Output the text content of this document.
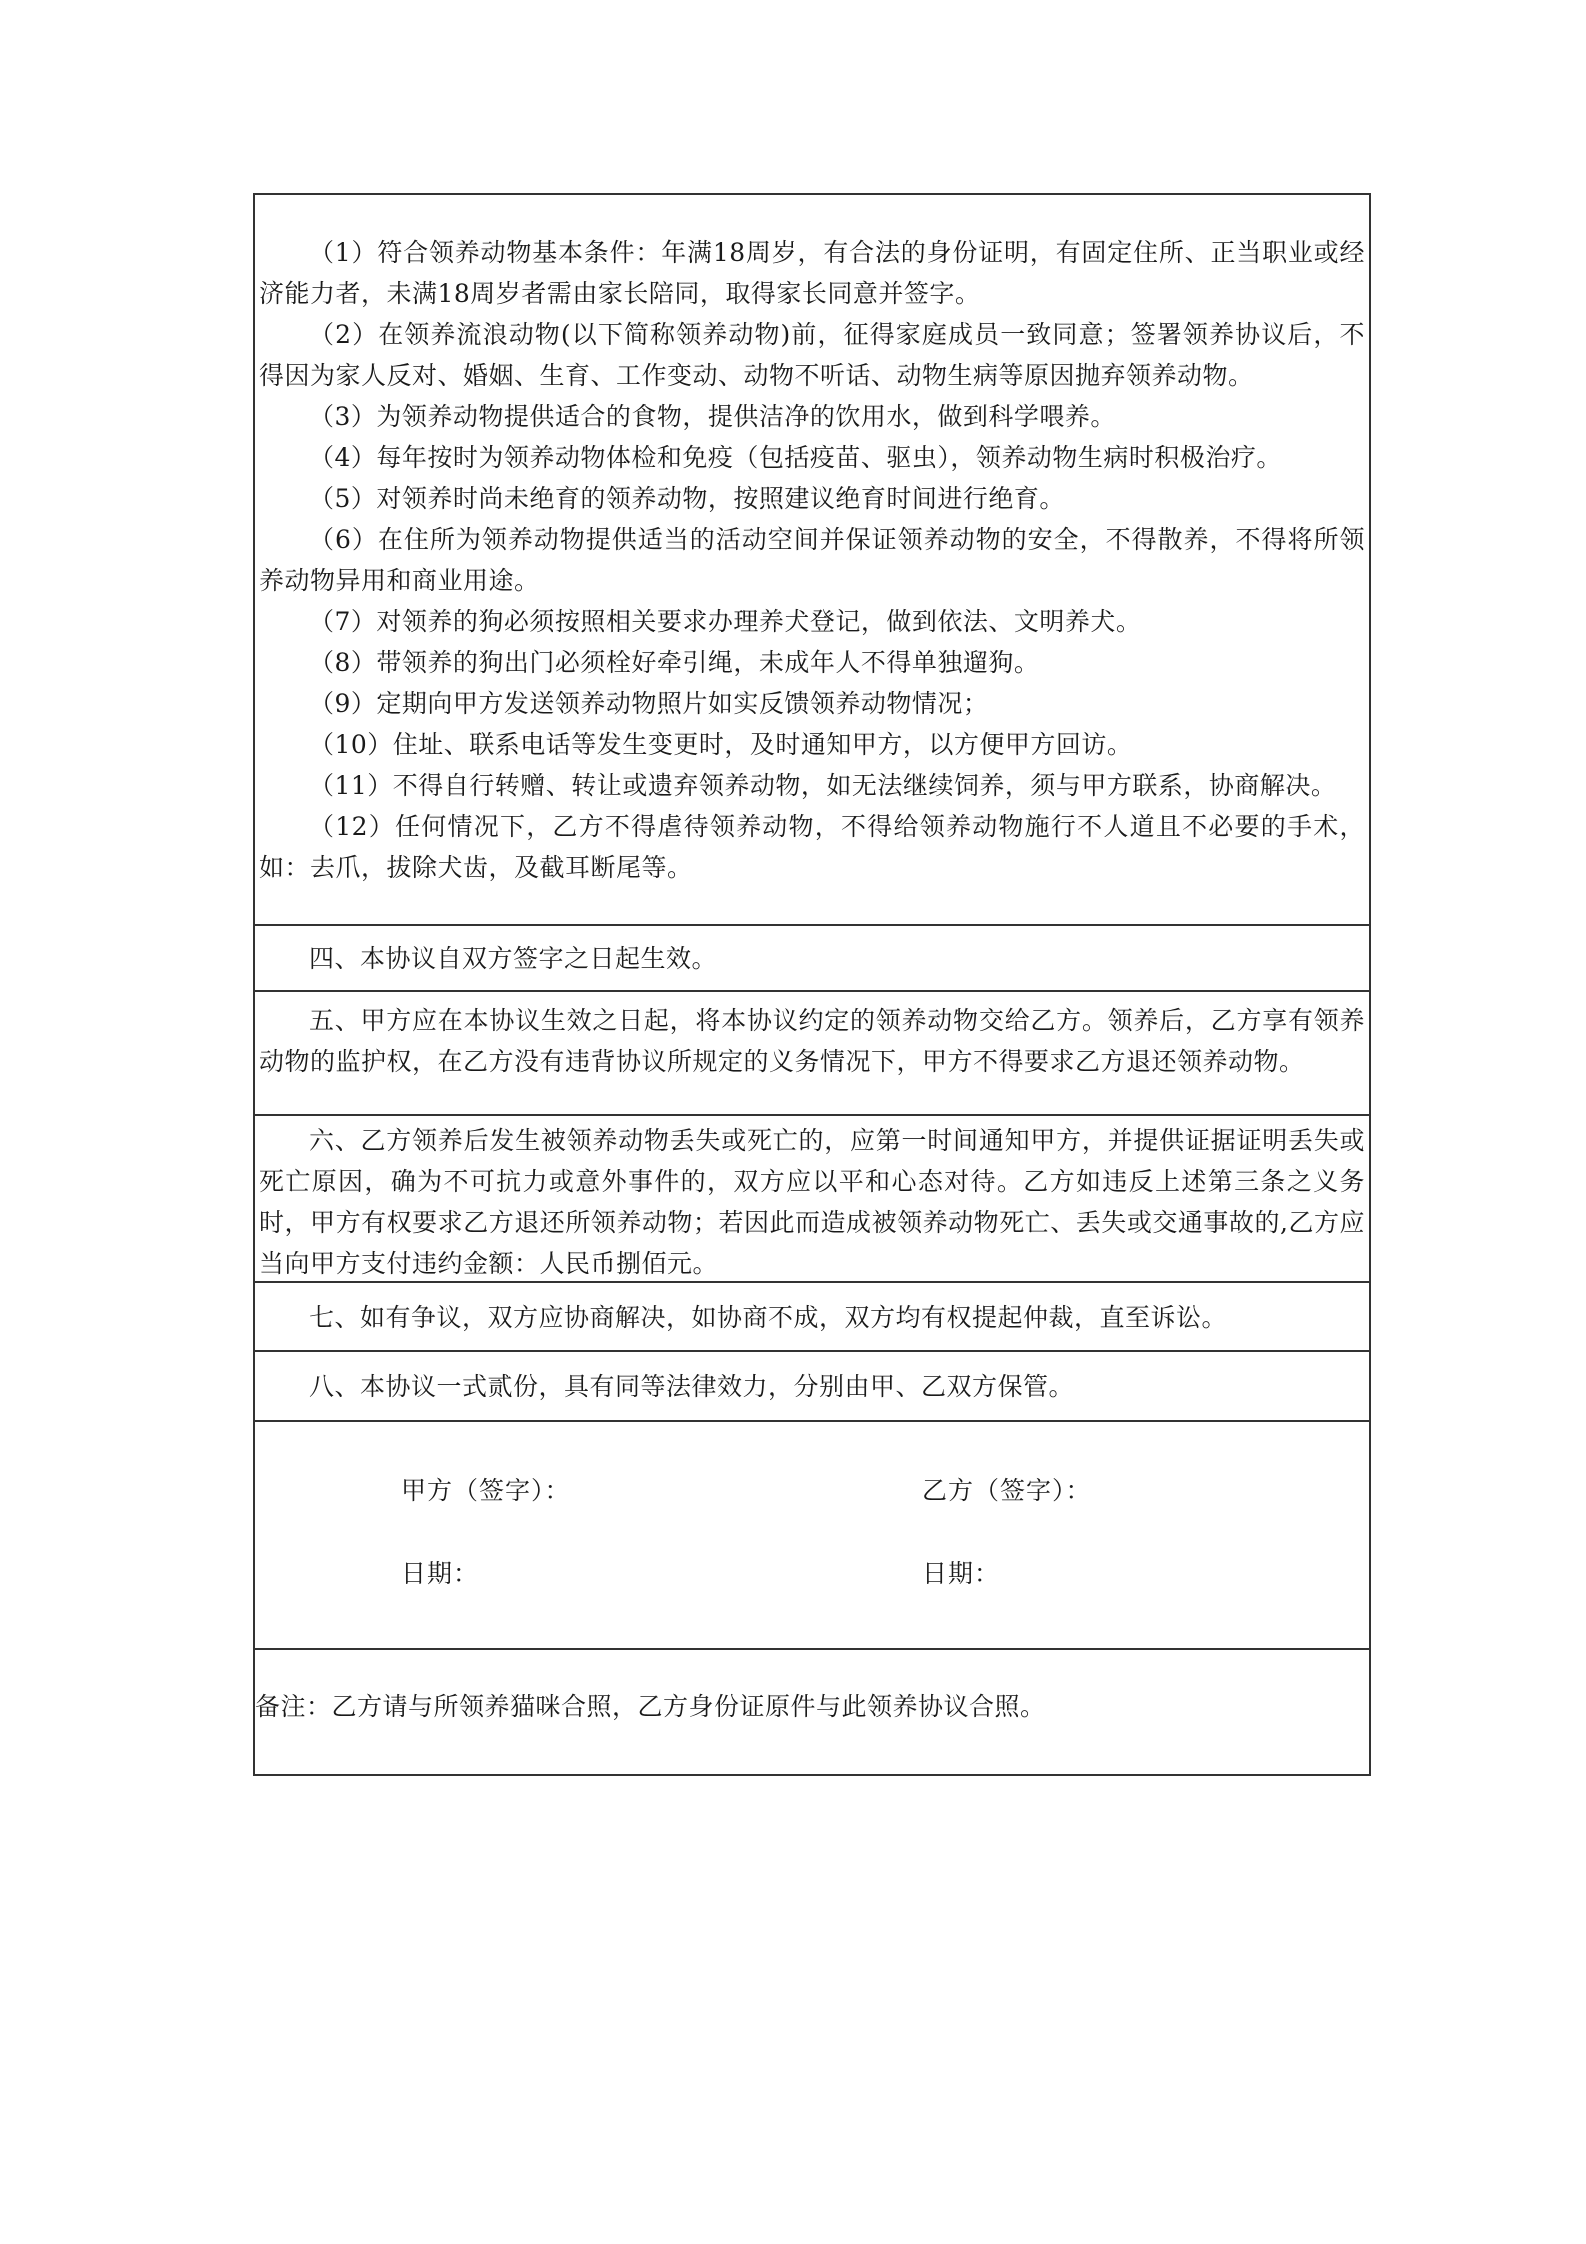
（1）符合领养动物基本条件：年满18周岁，有合法的身份证明，有固定住所、正当职业或经济能力者，未满18周岁者需由家长陪同，取得家长同意并签字。

（2）在领养流浪动物(以下简称领养动物)前，征得家庭成员一致同意；签署领养协议后，不得因为家人反对、婚姻、生育、工作变动、动物不听话、动物生病等原因抛弃领养动物。

（3）为领养动物提供适合的食物，提供洁净的饮用水，做到科学喂养。

（4）每年按时为领养动物体检和免疫（包括疫苗、驱虫），领养动物生病时积极治疗。

（5）对领养时尚未绝育的领养动物，按照建议绝育时间进行绝育。

（6）在住所为领养动物提供适当的活动空间并保证领养动物的安全，不得散养，不得将所领养动物异用和商业用途。

（7）对领养的狗必须按照相关要求办理养犬登记，做到依法、文明养犬。

（8）带领养的狗出门必须栓好牵引绳，未成年人不得单独遛狗。

（9）定期向甲方发送领养动物照片如实反馈领养动物情况；

（10）住址、联系电话等发生变更时，及时通知甲方，以方便甲方回访。

（11）不得自行转赠、转让或遗弃领养动物，如无法继续饲养，须与甲方联系，协商解决。

（12）任何情况下，乙方不得虐待领养动物，不得给领养动物施行不人道且不必要的手术，如：去爪，拔除犬齿，及截耳断尾等。

四、本协议自双方签字之日起生效。

五、甲方应在本协议生效之日起，将本协议约定的领养动物交给乙方。领养后，乙方享有领养动物的监护权，在乙方没有违背协议所规定的义务情况下，甲方不得要求乙方退还领养动物。

六、乙方领养后发生被领养动物丢失或死亡的，应第一时间通知甲方，并提供证据证明丢失或死亡原因，确为不可抗力或意外事件的，双方应以平和心态对待。乙方如违反上述第三条之义务时，甲方有权要求乙方退还所领养动物；若因此而造成被领养动物死亡、丢失或交通事故的,乙方应当向甲方支付违约金额：人民币捌佰元。

七、如有争议，双方应协商解决，如协商不成，双方均有权提起仲裁，直至诉讼。

八、本协议一式贰份，具有同等法律效力，分别由甲、乙双方保管。

甲方（签字）：	乙方（签字）：
日期：	日期：

备注：乙方请与所领养猫咪合照，乙方身份证原件与此领养协议合照。
